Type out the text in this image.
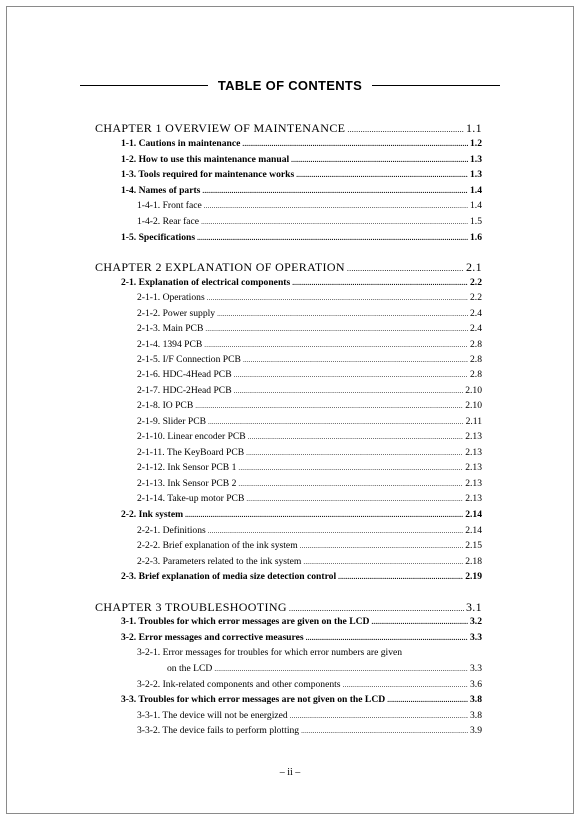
TABLE OF CONTENTS
CHAPTER 1 OVERVIEW OF MAINTENANCE .....	1.1
1-1. Cautions in maintenance .....	1.2
1-2. How to use this maintenance manual .....	1.3
1-3. Tools required for maintenance works .....	1.3
1-4. Names of parts .....	1.4
1-4-1. Front face .....	1.4
1-4-2. Rear face .....	1.5
1-5. Specifications .....	1.6
CHAPTER 2 EXPLANATION OF OPERATION .....	2.1
2-1. Explanation of electrical components .....	2.2
2-1-1. Operations .....	2.2
2-1-2. Power supply .....	2.4
2-1-3. Main PCB .....	2.4
2-1-4. 1394 PCB .....	2.8
2-1-5. I/F Connection PCB .....	2.8
2-1-6. HDC-4Head PCB .....	2.8
2-1-7. HDC-2Head PCB .....	2.10
2-1-8. IO PCB .....	2.10
2-1-9. Slider PCB .....	2.11
2-1-10. Linear encoder PCB .....	2.13
2-1-11. The KeyBoard PCB .....	2.13
2-1-12. Ink Sensor PCB 1 .....	2.13
2-1-13. Ink Sensor PCB 2 .....	2.13
2-1-14. Take-up motor PCB .....	2.13
2-2. Ink system .....	2.14
2-2-1. Definitions .....	2.14
2-2-2. Brief explanation of the ink system .....	2.15
2-2-3. Parameters related to the ink system .....	2.18
2-3. Brief explanation of media size detection control .....	2.19
CHAPTER 3 TROUBLESHOOTING .....	3.1
3-1. Troubles for which error messages are given on the LCD .....	3.2
3-2. Error messages and corrective measures .....	3.3
3-2-1. Error messages for troubles for which error numbers are given
on the LCD .....	3.3
3-2-2. Ink-related components and other components .....	3.6
3-3. Troubles for which error messages are not given on the LCD .....	3.8
3-3-1. The device will not be energized .....	3.8
3-3-2. The device fails to perform plotting .....	3.9
– ii –
